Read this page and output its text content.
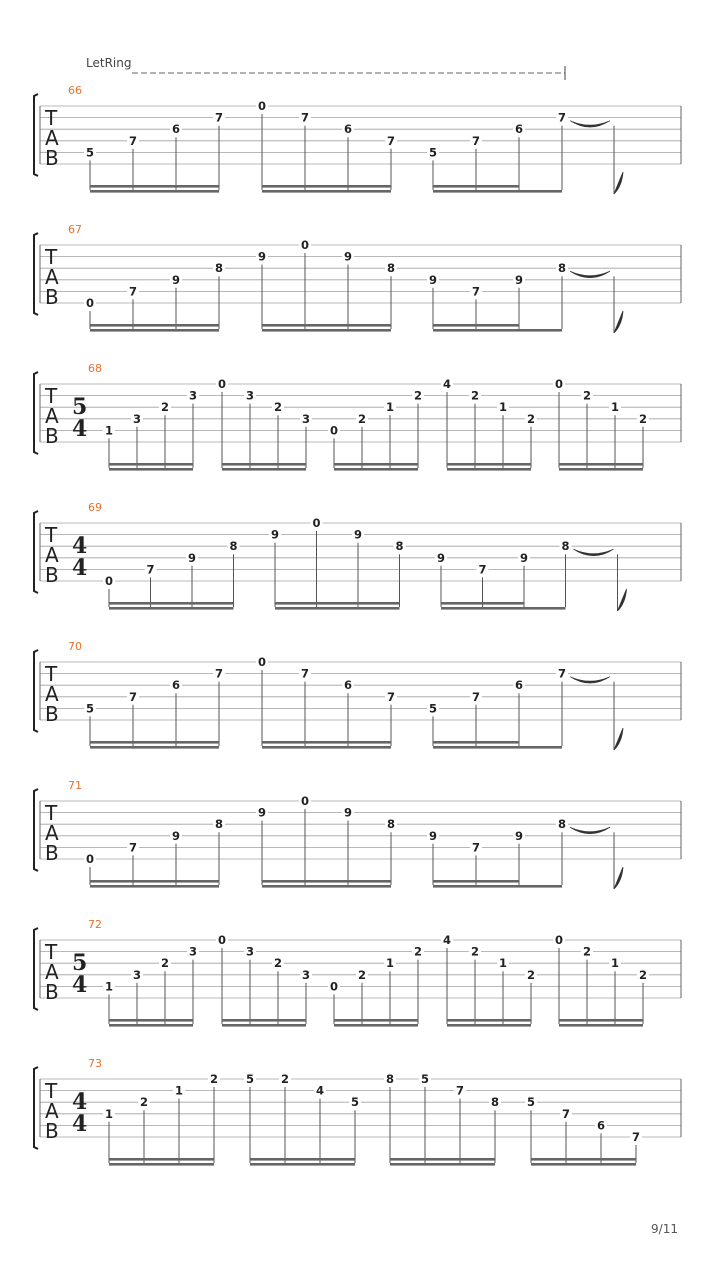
T
A
B
66
LetRing
5
7
6
7
0
7
6
7
5
7
6
7
T
A
B
67
0
7
9
8
9
0
9
8
9
7
9
8
T
A
B
68
5
4 1
3
2
3
0
3
2
3
0
2
1
2
4
2
1
2
0
2
1
2
T
A
B
69
4
4 0
7
9
8
9
0
9
8
9
7
9
8
T
A
B
70
5
7
6
7
0
7
6
7
5
7
6
7
T
A
B
71
0
7
9
8
9
0
9
8
9
7
9
8
T
A
B
72
5
4 1
3
2
3
0
3
2
3
0
2
1
2
4
2
1
2
0
2
1
2
T
A
B
73
4
4 1
2
1
2 5 2
4
5
8 5
7
8 5
7
6
7
9/11
